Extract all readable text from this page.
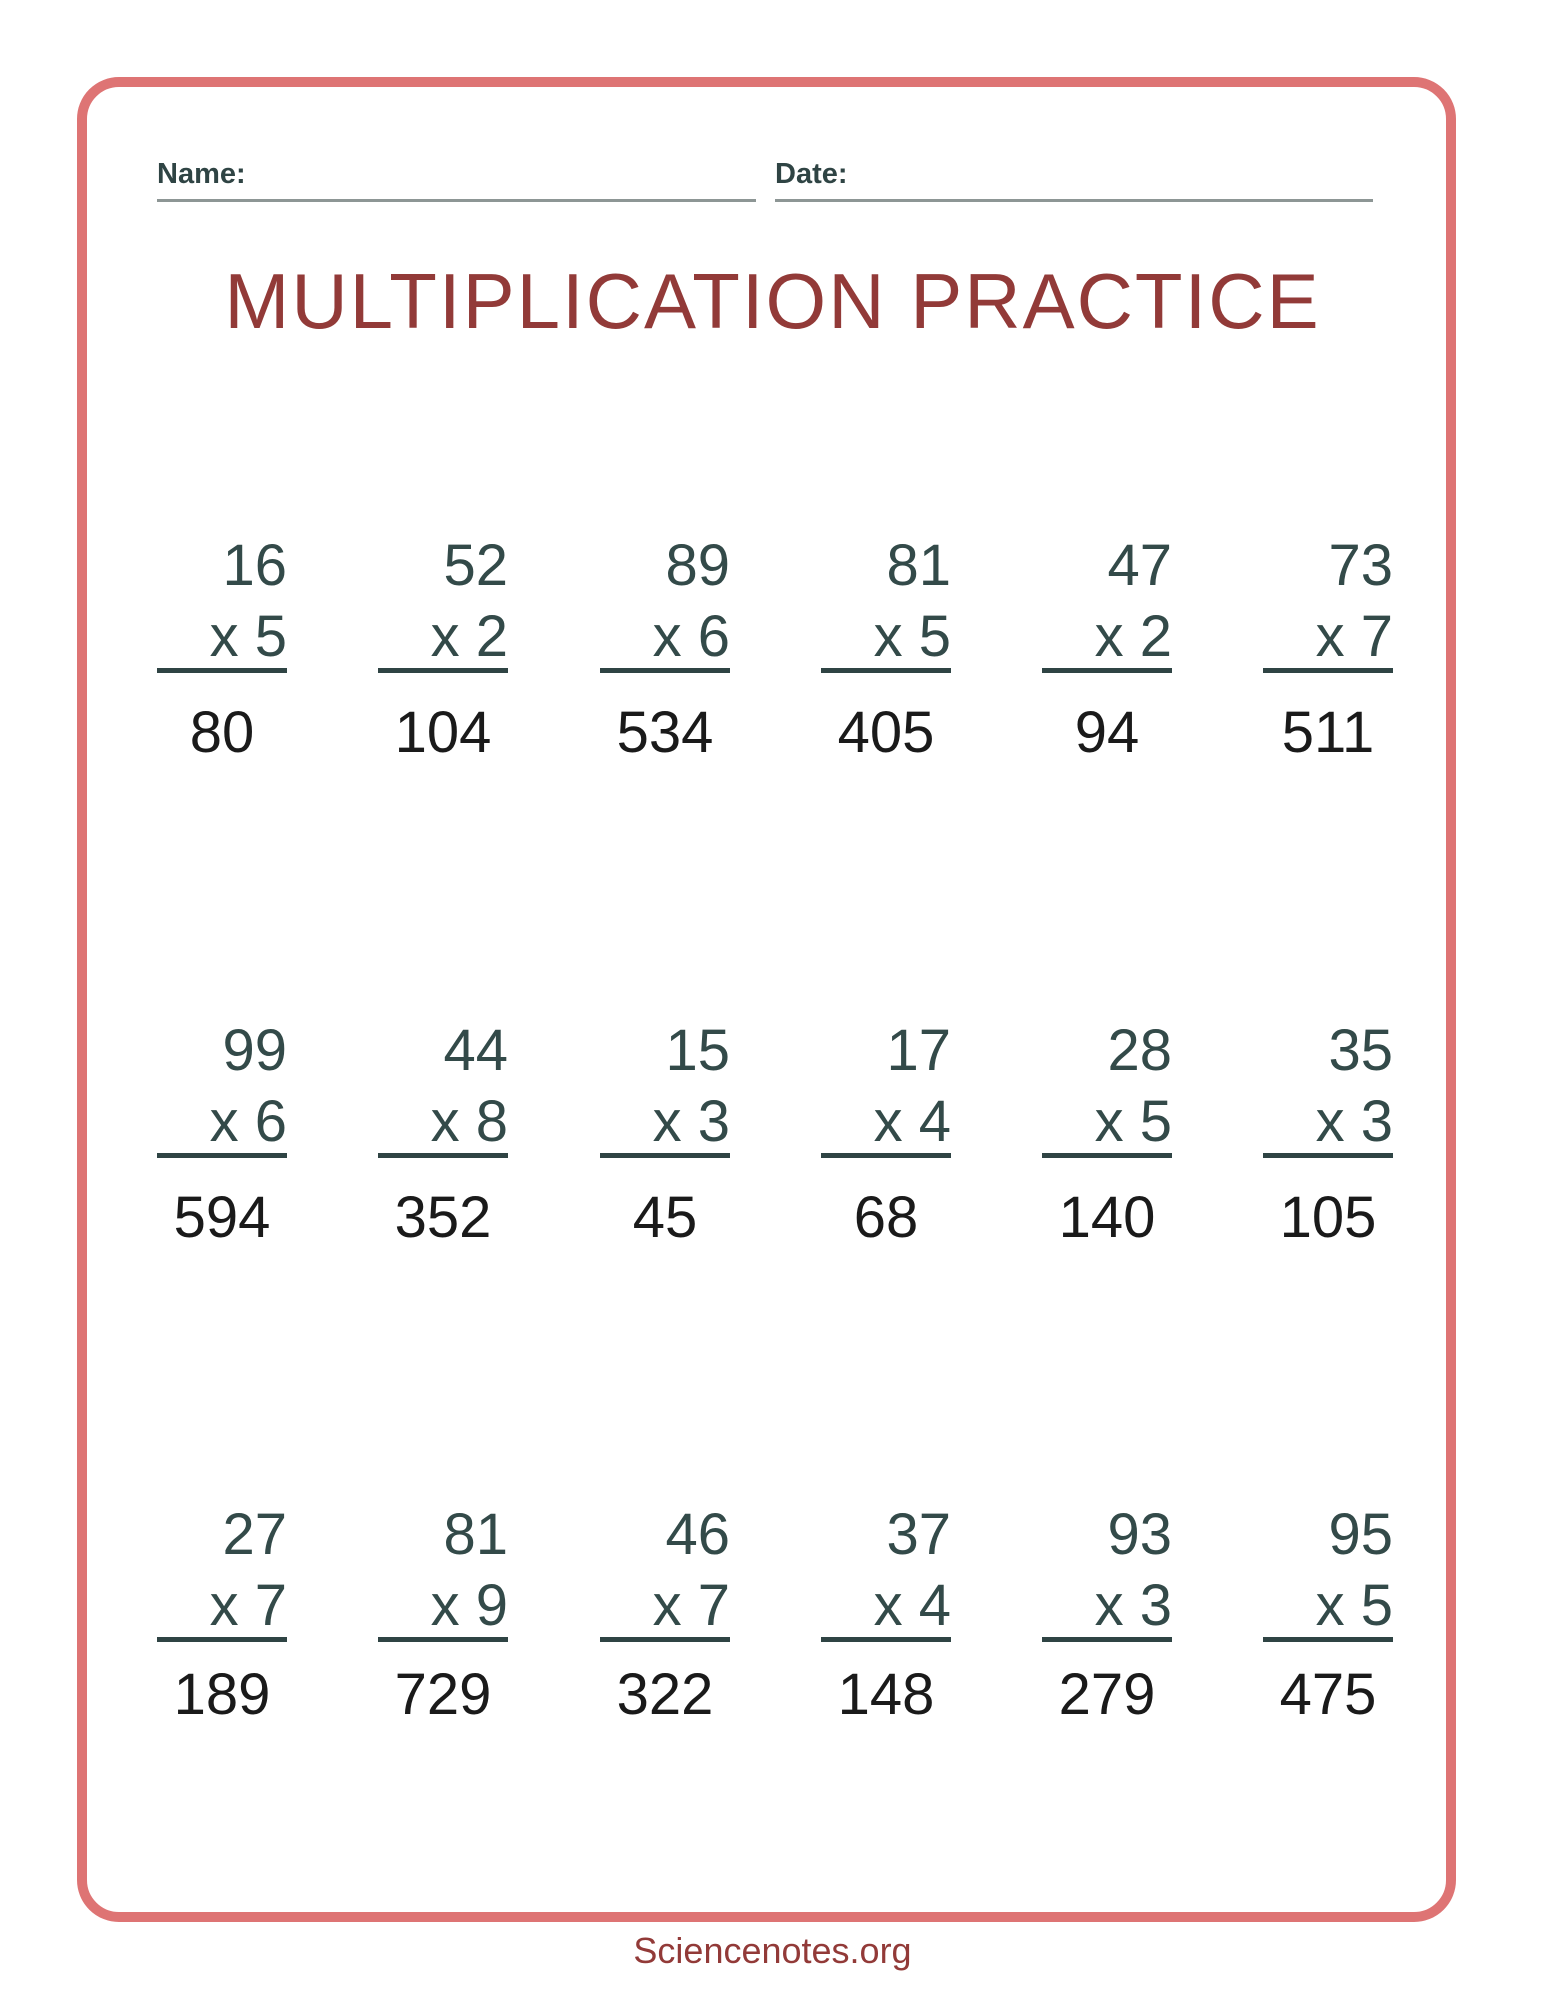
Name:	Date:
MULTIPLICATION PRACTICE
16
x 5
80
52
x 2
104
89
x 6
534
81
x 5
405
47
x 2
94
73
x 7
511
99
x 6
594
44
x 8
352
15
x 3
45
17
x 4
68
28
x 5
140
35
x 3
105
27
x 7
189
81
x 9
729
46
x 7
322
37
x 4
148
93
x 3
279
95
x 5
475
Sciencenotes.org
